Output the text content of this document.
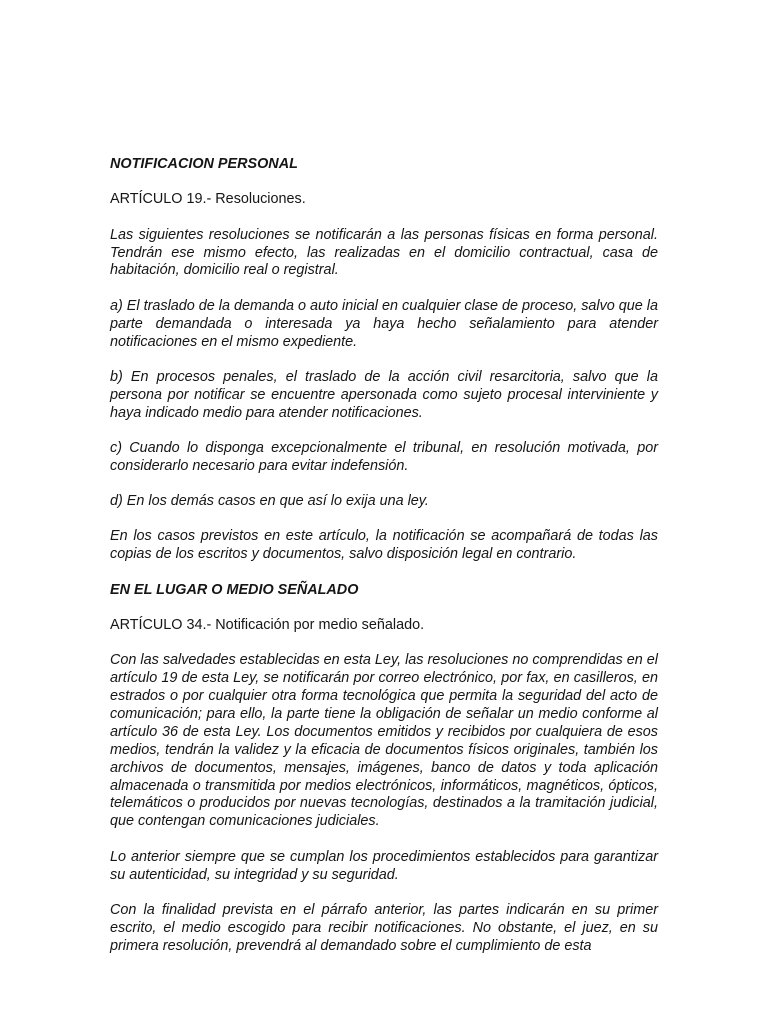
NOTIFICACION PERSONAL

ARTÍCULO 19.- Resoluciones.

Las siguientes resoluciones se notificarán a las personas físicas en forma personal. Tendrán ese mismo efecto, las realizadas en el domicilio contractual, casa de habitación, domicilio real o registral.

a) El traslado de la demanda o auto inicial en cualquier clase de proceso, salvo que la parte demandada o interesada ya haya hecho señalamiento para atender notificaciones en el mismo expediente.

b) En procesos penales, el traslado de la acción civil resarcitoria, salvo que la persona por notificar se encuentre apersonada como sujeto procesal interviniente y haya indicado medio para atender notificaciones.

c) Cuando lo disponga excepcionalmente el tribunal, en resolución motivada, por considerarlo necesario para evitar indefensión.

d) En los demás casos en que así lo exija una ley.

En los casos previstos en este artículo, la notificación se acompañará de todas las copias de los escritos y documentos, salvo disposición legal en contrario.

EN EL LUGAR O MEDIO SEÑALADO

ARTÍCULO 34.- Notificación por medio señalado.

Con las salvedades establecidas en esta Ley, las resoluciones no comprendidas en el artículo 19 de esta Ley, se notificarán por correo electrónico, por fax, en casilleros, en estrados o por cualquier otra forma tecnológica que permita la seguridad del acto de comunicación; para ello, la parte tiene la obligación de señalar un medio conforme al artículo 36 de esta Ley. Los documentos emitidos y recibidos por cualquiera de esos medios, tendrán la validez y la eficacia de documentos físicos originales, también los archivos de documentos, mensajes, imágenes, banco de datos y toda aplicación almacenada o transmitida por medios electrónicos, informáticos, magnéticos, ópticos, telemáticos o producidos por nuevas tecnologías, destinados a la tramitación judicial, que contengan comunicaciones judiciales.

Lo anterior siempre que se cumplan los procedimientos establecidos para garantizar su autenticidad, su integridad y su seguridad.

Con la finalidad prevista en el párrafo anterior, las partes indicarán en su primer escrito, el medio escogido para recibir notificaciones. No obstante, el juez, en su primera resolución, prevendrá al demandado sobre el cumplimiento de esta
